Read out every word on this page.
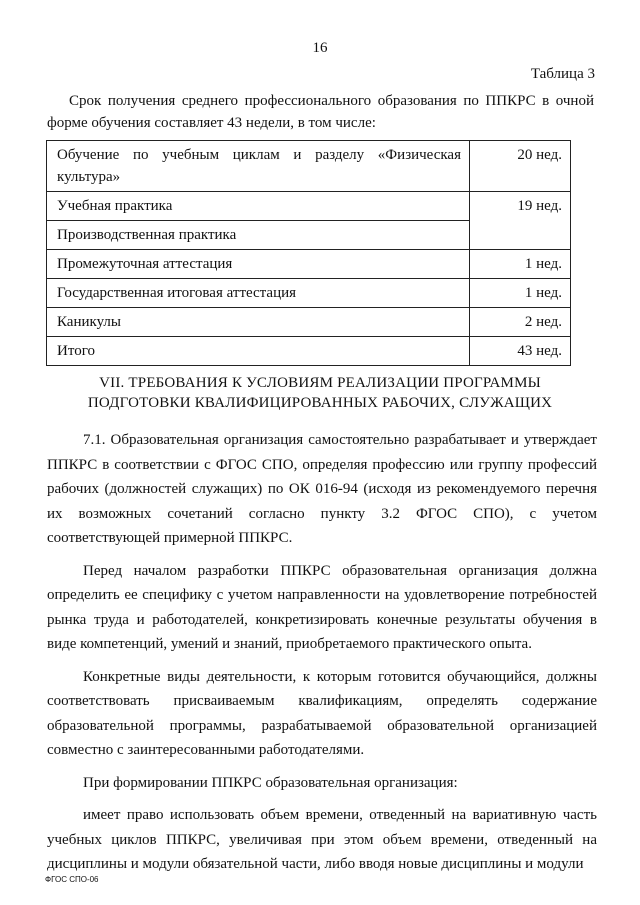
16
Таблица 3
Срок получения среднего профессионального образования по ППКРС в очной форме обучения составляет 43 недели, в том числе:
Обучение по учебным циклам и разделу «Физическая культура»	20 нед.
Учебная практика	19 нед.
Производственная практика	
Промежуточная аттестация	1 нед.
Государственная итоговая аттестация	1 нед.
Каникулы	2 нед.
Итого	43 нед.
VII. ТРЕБОВАНИЯ К УСЛОВИЯМ РЕАЛИЗАЦИИ ПРОГРАММЫ
ПОДГОТОВКИ КВАЛИФИЦИРОВАННЫХ РАБОЧИХ, СЛУЖАЩИХ

7.1. Образовательная организация самостоятельно разрабатывает и утверждает ППКРС в соответствии с ФГОС СПО, определяя профессию или группу профессий рабочих (должностей служащих) по ОК 016-94 (исходя из рекомендуемого перечня их возможных сочетаний согласно пункту 3.2 ФГОС СПО), с учетом соответствующей примерной ППКРС.

Перед началом разработки ППКРС образовательная организация должна определить ее специфику с учетом направленности на удовлетворение потребностей рынка труда и работодателей, конкретизировать конечные результаты обучения в виде компетенций, умений и знаний, приобретаемого практического опыта.

Конкретные виды деятельности, к которым готовится обучающийся, должны соответствовать присваиваемым квалификациям, определять содержание образовательной программы, разрабатываемой образовательной организацией совместно с заинтересованными работодателями.

При формировании ППКРС образовательная организация:

имеет право использовать объем времени, отведенный на вариативную часть учебных циклов ППКРС, увеличивая при этом объем времени, отведенный на дисциплины и модули обязательной части, либо вводя новые дисциплины и модули

ФГОС СПО-06
